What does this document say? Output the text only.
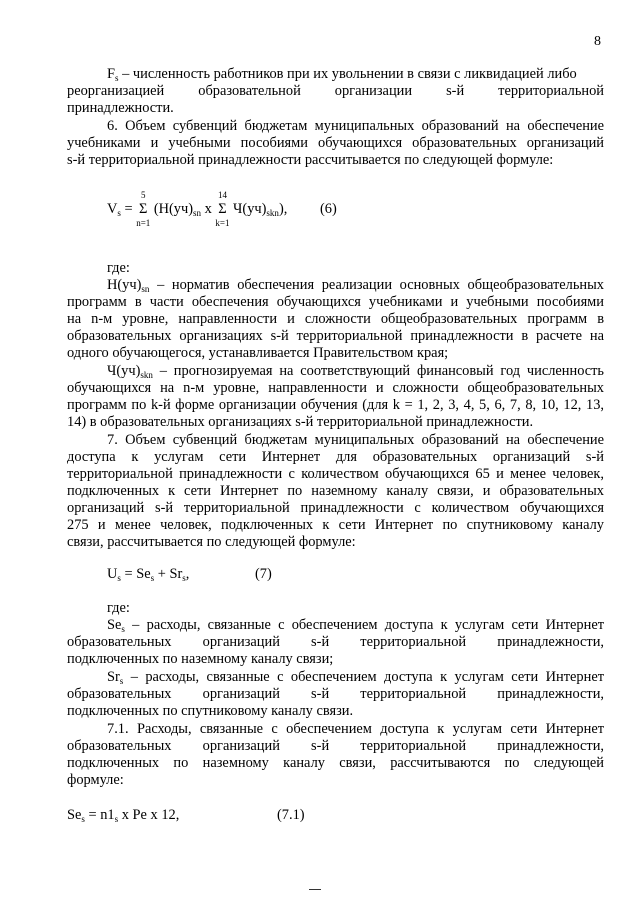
8
$F_s$ – численность работников при их увольнении в связи с ликвидацией либо
реорганизацией образовательной организации s-й территориальной
принадлежности.
6. Объем субвенций бюджетам муниципальных образований на обеспечение
учебниками и учебными пособиями обучающихся образовательных организаций
s-й территориальной принадлежности рассчитывается по следующей формуле:
$V_s$ =
5
Σ
n=1
($Н(уч)_{sn}$ x
14
Σ
k=1
$Ч(уч)_{skn}$), (6)
где:
$Н(уч)_{sn}$ – норматив обеспечения реализации основных общеобразовательных
программ в части обеспечения обучающихся учебниками и учебными пособиями
на n-м уровне, направленности и сложности общеобразовательных программ в
образовательных организациях s-й территориальной принадлежности в расчете на
одного обучающегося, устанавливается Правительством края;
$Ч(уч)_{skn}$ – прогнозируемая на соответствующий финансовый год численность
обучающихся на n-м уровне, направленности и сложности общеобразовательных
программ по k-й форме организации обучения (для k = 1, 2, 3, 4, 5, 6, 7, 8, 10, 12, 13,
14) в образовательных организациях s-й территориальной принадлежности.
7. Объем субвенций бюджетам муниципальных образований на обеспечение
доступа к услугам сети Интернет для образовательных организаций s-й
территориальной принадлежности с количеством обучающихся 65 и менее человек,
подключенных к сети Интернет по наземному каналу связи, и образовательных
организаций s-й территориальной принадлежности с количеством обучающихся
275 и менее человек, подключенных к сети Интернет по спутниковому каналу
связи, рассчитывается по следующей формуле:
$U_s = Se_s + Sr_s$,	(7)
где:
$Se_s$ – расходы, связанные с обеспечением доступа к услугам сети Интернет
образовательных организаций s-й территориальной принадлежности,
подключенных по наземному каналу связи;
$Sr_s$ – расходы, связанные с обеспечением доступа к услугам сети Интернет
образовательных организаций s-й территориальной принадлежности,
подключенных по спутниковому каналу связи.
7.1. Расходы, связанные с обеспечением доступа к услугам сети Интернет
образовательных организаций s-й территориальной принадлежности,
подключенных по наземному каналу связи, рассчитываются по следующей
формуле:
$Se_s = n1_s$ x Pe x 12,	(7.1)
